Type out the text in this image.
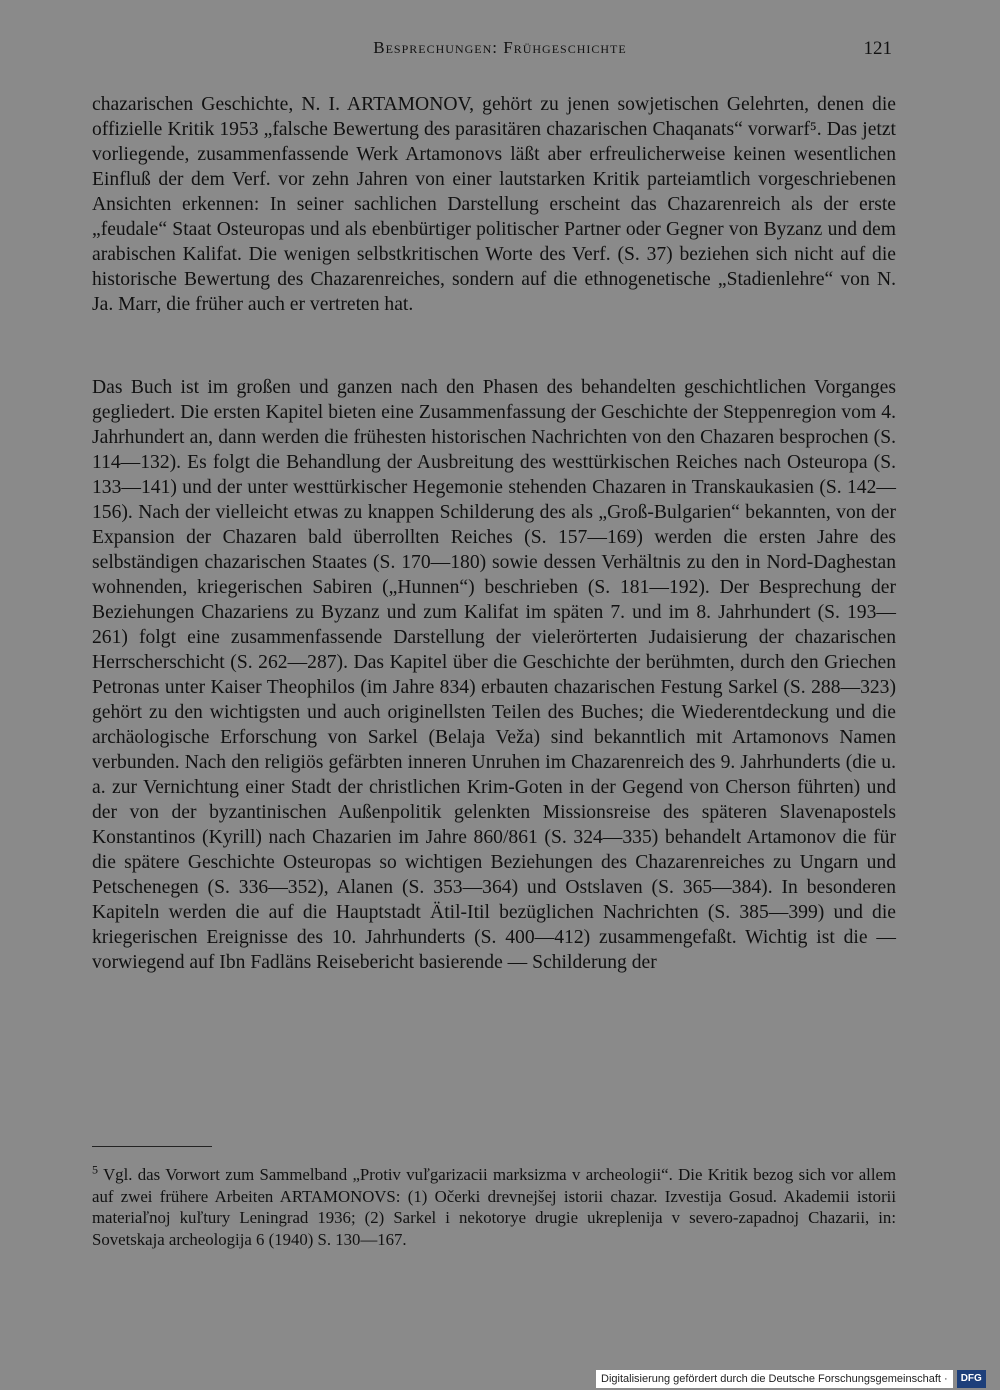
Besprechungen: Frühgeschichte	121

chazarischen Geschichte, N. I. ARTAMONOV, gehört zu jenen sowjetischen Gelehrten, denen die offizielle Kritik 1953 „falsche Bewertung des parasitären chazarischen Chaqanats“ vorwarf⁵. Das jetzt vorliegende, zusammenfassende Werk Artamonovs läßt aber erfreulicherweise keinen wesentlichen Einfluß der dem Verf. vor zehn Jahren von einer lautstarken Kritik parteiamtlich vorgeschriebenen Ansichten erkennen: In seiner sachlichen Darstellung erscheint das Chazarenreich als der erste „feudale“ Staat Osteuropas und als ebenbürtiger politischer Partner oder Gegner von Byzanz und dem arabischen Kalifat. Die wenigen selbstkritischen Worte des Verf. (S. 37) beziehen sich nicht auf die historische Bewertung des Chazarenreiches, sondern auf die ethnogenetische „Stadienlehre“ von N. Ja. Marr, die früher auch er vertreten hat.

Das Buch ist im großen und ganzen nach den Phasen des behandelten geschichtlichen Vorganges gegliedert. Die ersten Kapitel bieten eine Zusammenfassung der Geschichte der Steppenregion vom 4. Jahrhundert an, dann werden die frühesten historischen Nachrichten von den Chazaren besprochen (S. 114—132). Es folgt die Behandlung der Ausbreitung des westtürkischen Reiches nach Osteuropa (S. 133—141) und der unter westtürkischer Hegemonie stehenden Chazaren in Transkaukasien (S. 142—156). Nach der vielleicht etwas zu knappen Schilderung des als „Groß-Bulgarien“ bekannten, von der Expansion der Chazaren bald überrollten Reiches (S. 157—169) werden die ersten Jahre des selbständigen chazarischen Staates (S. 170—180) sowie dessen Verhältnis zu den in Nord-Daghestan wohnenden, kriegerischen Sabiren („Hunnen“) beschrieben (S. 181—192). Der Besprechung der Beziehungen Chazariens zu Byzanz und zum Kalifat im späten 7. und im 8. Jahrhundert (S. 193—261) folgt eine zusammenfassende Darstellung der vielerörterten Judaisierung der chazarischen Herrscherschicht (S. 262—287). Das Kapitel über die Geschichte der berühmten, durch den Griechen Petronas unter Kaiser Theophilos (im Jahre 834) erbauten chazarischen Festung Sarkel (S. 288—323) gehört zu den wichtigsten und auch originellsten Teilen des Buches; die Wiederentdeckung und die archäologische Erforschung von Sarkel (Belaja Veža) sind bekanntlich mit Artamonovs Namen verbunden. Nach den religiös gefärbten inneren Unruhen im Chazarenreich des 9. Jahrhunderts (die u. a. zur Vernichtung einer Stadt der christlichen Krim-Goten in der Gegend von Cherson führten) und der von der byzantinischen Außenpolitik gelenkten Missionsreise des späteren Slavenapostels Konstantinos (Kyrill) nach Chazarien im Jahre 860/861 (S. 324—335) behandelt Artamonov die für die spätere Geschichte Osteuropas so wichtigen Beziehungen des Chazarenreiches zu Ungarn und Petschenegen (S. 336—352), Alanen (S. 353—364) und Ostslaven (S. 365—384). In besonderen Kapiteln werden die auf die Hauptstadt Ätil-Itil bezüglichen Nachrichten (S. 385—399) und die kriegerischen Ereignisse des 10. Jahrhunderts (S. 400—412) zusammengefaßt. Wichtig ist die — vorwiegend auf Ibn Fadläns Reisebericht basierende — Schilderung der

$^5$ Vgl. das Vorwort zum Sammelband „Protiv vuľgarizacii marksizma v archeologii“. Die Kritik bezog sich vor allem auf zwei frühere Arbeiten ARTAMONOVS: (1) Očerki drevnejšej istorii chazar. Izvestija Gosud. Akademii istorii materiaľnoj kuľtury Leningrad 1936; (2) Sarkel i nekotorye drugie ukreplenija v severo-zapadnoj Chazarii, in: Sovetskaja archeologija 6 (1940) S. 130—167.

Digitalisierung gefördert durch die Deutsche Forschungsgemeinschaft ·	DFG
